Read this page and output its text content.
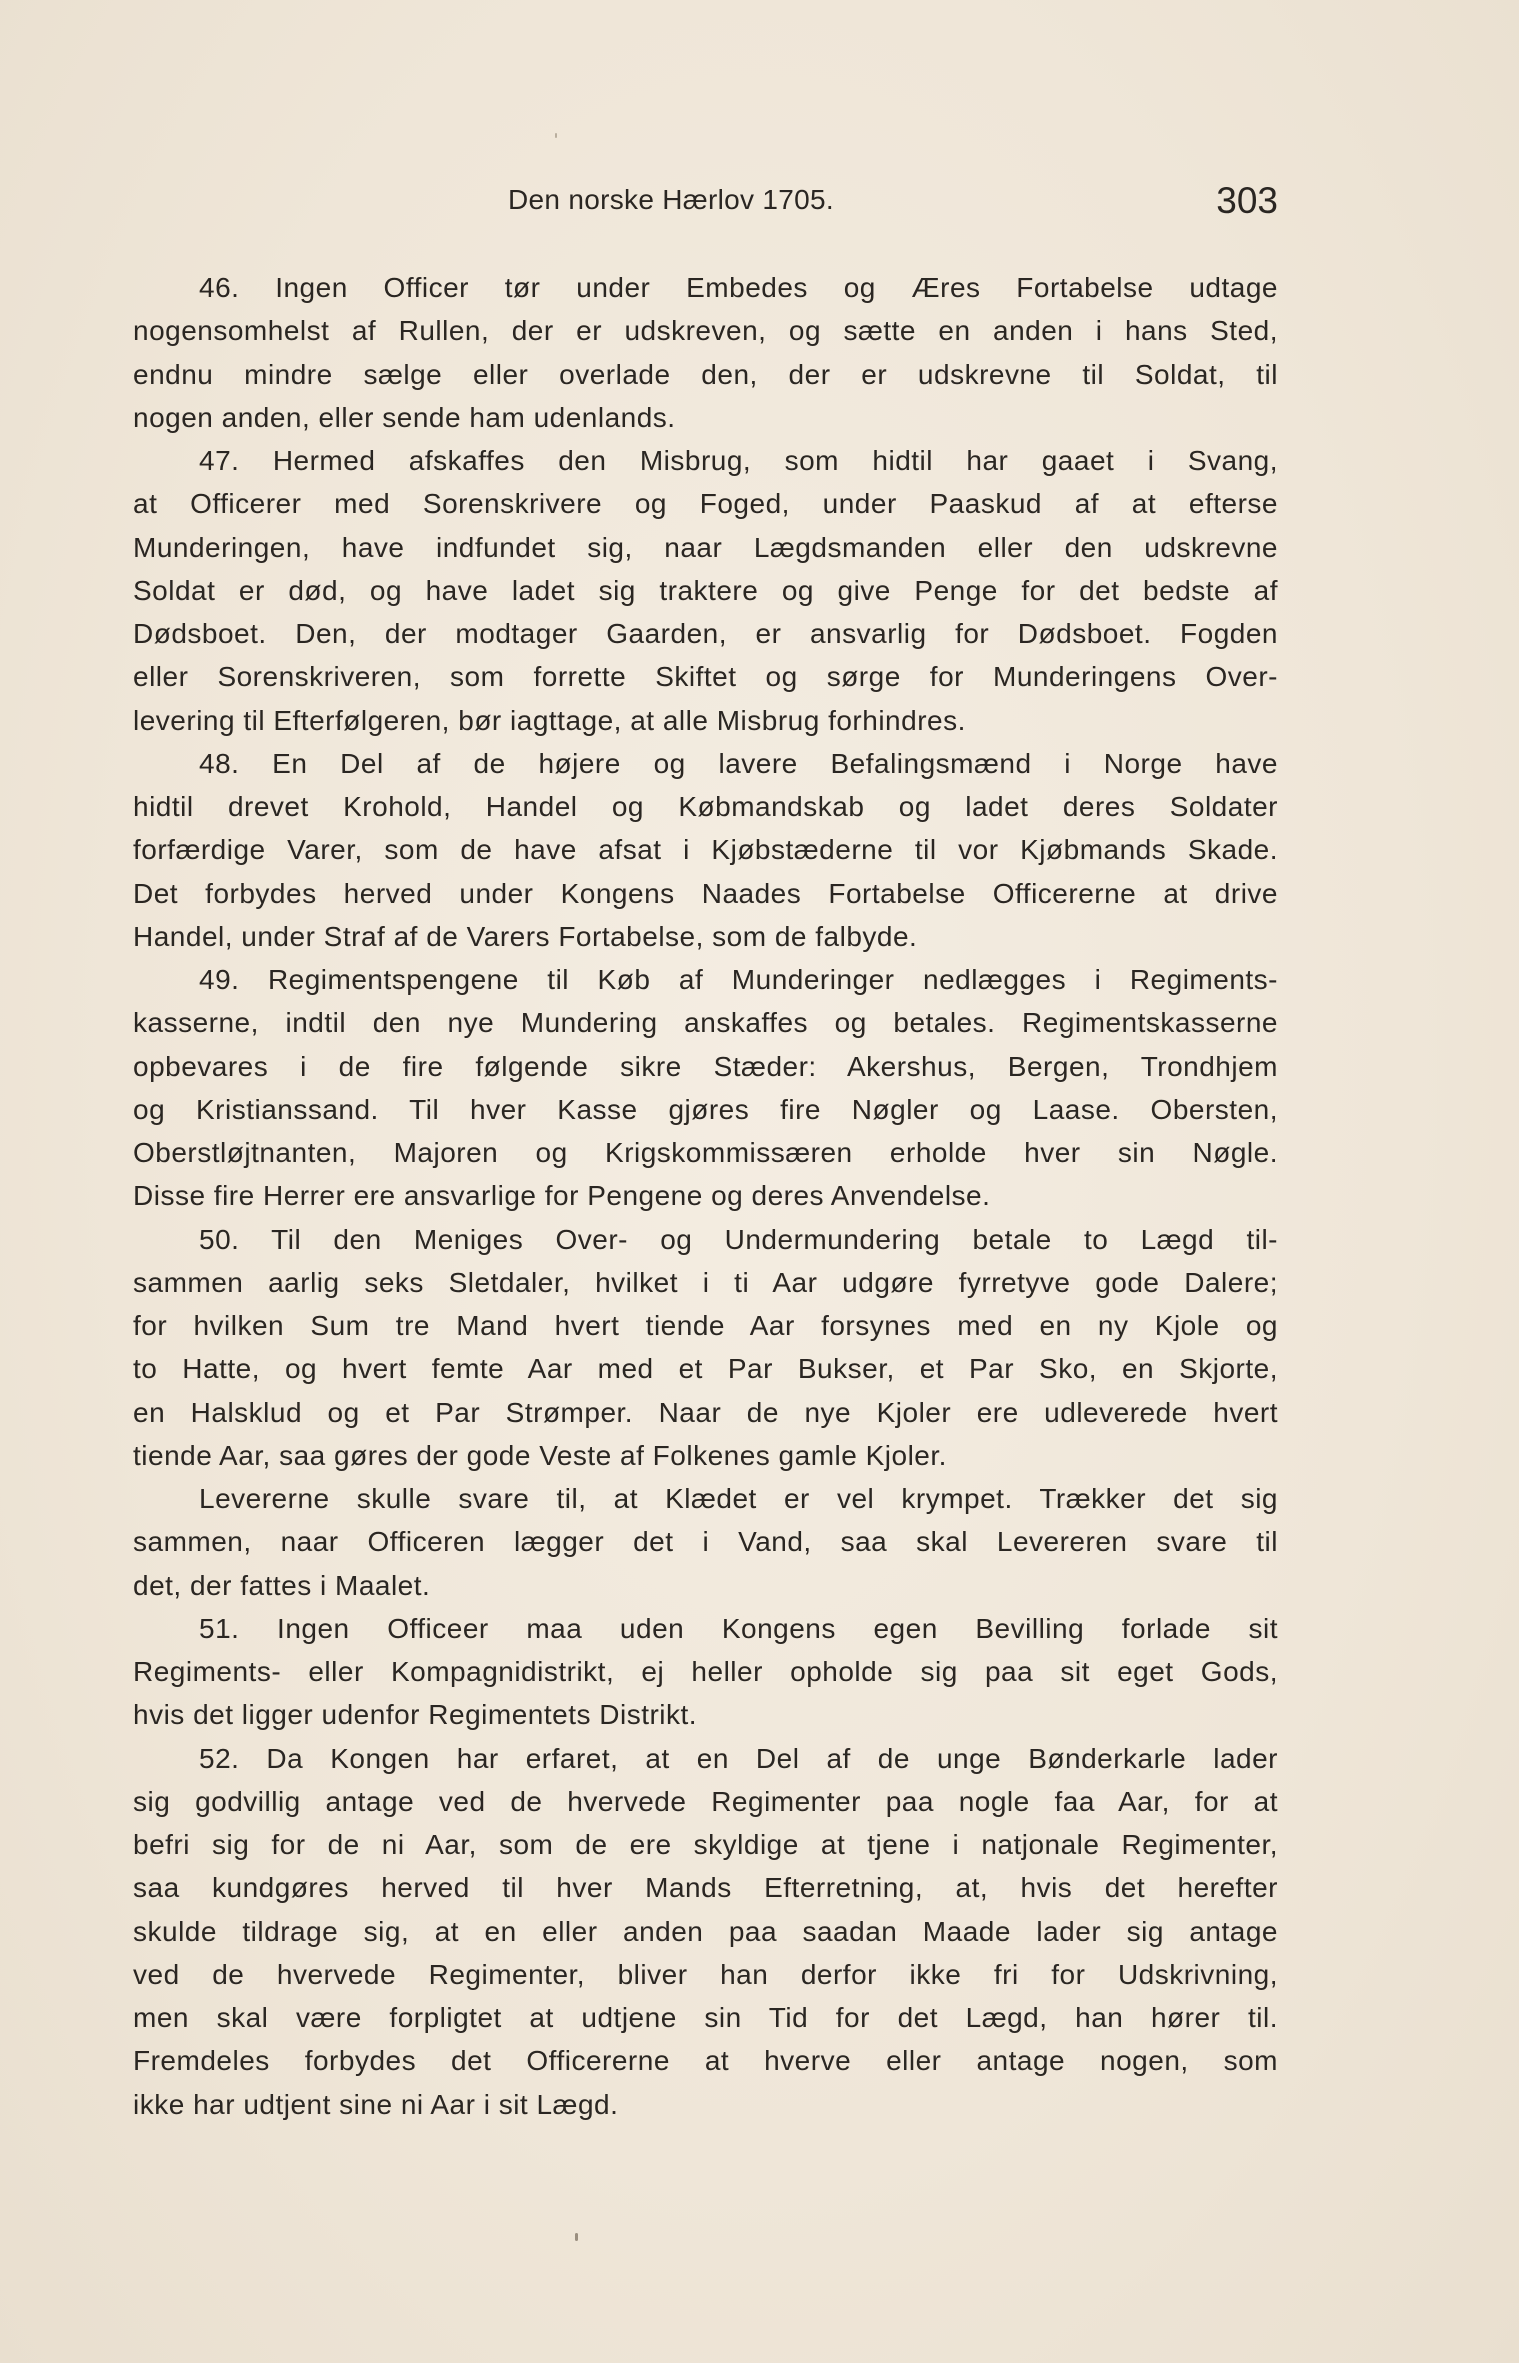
Den norske Hærlov 1705.	303
46. Ingen Officer tør under Embedes og Æres Fortabelse udtage
nogensomhelst af Rullen, der er udskreven, og sætte en anden i hans Sted,
endnu mindre sælge eller overlade den, der er udskrevne til Soldat, til
nogen anden, eller sende ham udenlands.
47. Hermed afskaffes den Misbrug, som hidtil har gaaet i Svang,
at Officerer med Sorenskrivere og Foged, under Paaskud af at efterse
Munderingen, have indfundet sig, naar Lægdsmanden eller den udskrevne
Soldat er død, og have ladet sig traktere og give Penge for det bedste af
Dødsboet. Den, der modtager Gaarden, er ansvarlig for Dødsboet. Fogden
eller Sorenskriveren, som forrette Skiftet og sørge for Munderingens Over-
levering til Efterfølgeren, bør iagttage, at alle Misbrug forhindres.
48. En Del af de højere og lavere Befalingsmænd i Norge have
hidtil drevet Krohold, Handel og Købmandskab og ladet deres Soldater
forfærdige Varer, som de have afsat i Kjøbstæderne til vor Kjøbmands Skade.
Det forbydes herved under Kongens Naades Fortabelse Officererne at drive
Handel, under Straf af de Varers Fortabelse, som de falbyde.
49. Regimentspengene til Køb af Munderinger nedlægges i Regiments-
kasserne, indtil den nye Mundering anskaffes og betales. Regimentskasserne
opbevares i de fire følgende sikre Stæder: Akershus, Bergen, Trondhjem
og Kristianssand. Til hver Kasse gjøres fire Nøgler og Laase. Obersten,
Oberstløjtnanten, Majoren og Krigskommissæren erholde hver sin Nøgle.
Disse fire Herrer ere ansvarlige for Pengene og deres Anvendelse.
50. Til den Meniges Over- og Undermundering betale to Lægd til-
sammen aarlig seks Sletdaler, hvilket i ti Aar udgøre fyrretyve gode Dalere;
for hvilken Sum tre Mand hvert tiende Aar forsynes med en ny Kjole og
to Hatte, og hvert femte Aar med et Par Bukser, et Par Sko, en Skjorte,
en Halsklud og et Par Strømper. Naar de nye Kjoler ere udleverede hvert
tiende Aar, saa gøres der gode Veste af Folkenes gamle Kjoler.
Levererne skulle svare til, at Klædet er vel krympet. Trækker det sig
sammen, naar Officeren lægger det i Vand, saa skal Levereren svare til
det, der fattes i Maalet.
51. Ingen Officeer maa uden Kongens egen Bevilling forlade sit
Regiments- eller Kompagnidistrikt, ej heller opholde sig paa sit eget Gods,
hvis det ligger udenfor Regimentets Distrikt.
52. Da Kongen har erfaret, at en Del af de unge Bønderkarle lader
sig godvillig antage ved de hvervede Regimenter paa nogle faa Aar, for at
befri sig for de ni Aar, som de ere skyldige at tjene i natjonale Regimenter,
saa kundgøres herved til hver Mands Efterretning, at, hvis det herefter
skulde tildrage sig, at en eller anden paa saadan Maade lader sig antage
ved de hvervede Regimenter, bliver han derfor ikke fri for Udskrivning,
men skal være forpligtet at udtjene sin Tid for det Lægd, han hører til.
Fremdeles forbydes det Officererne at hverve eller antage nogen, som
ikke har udtjent sine ni Aar i sit Lægd.
